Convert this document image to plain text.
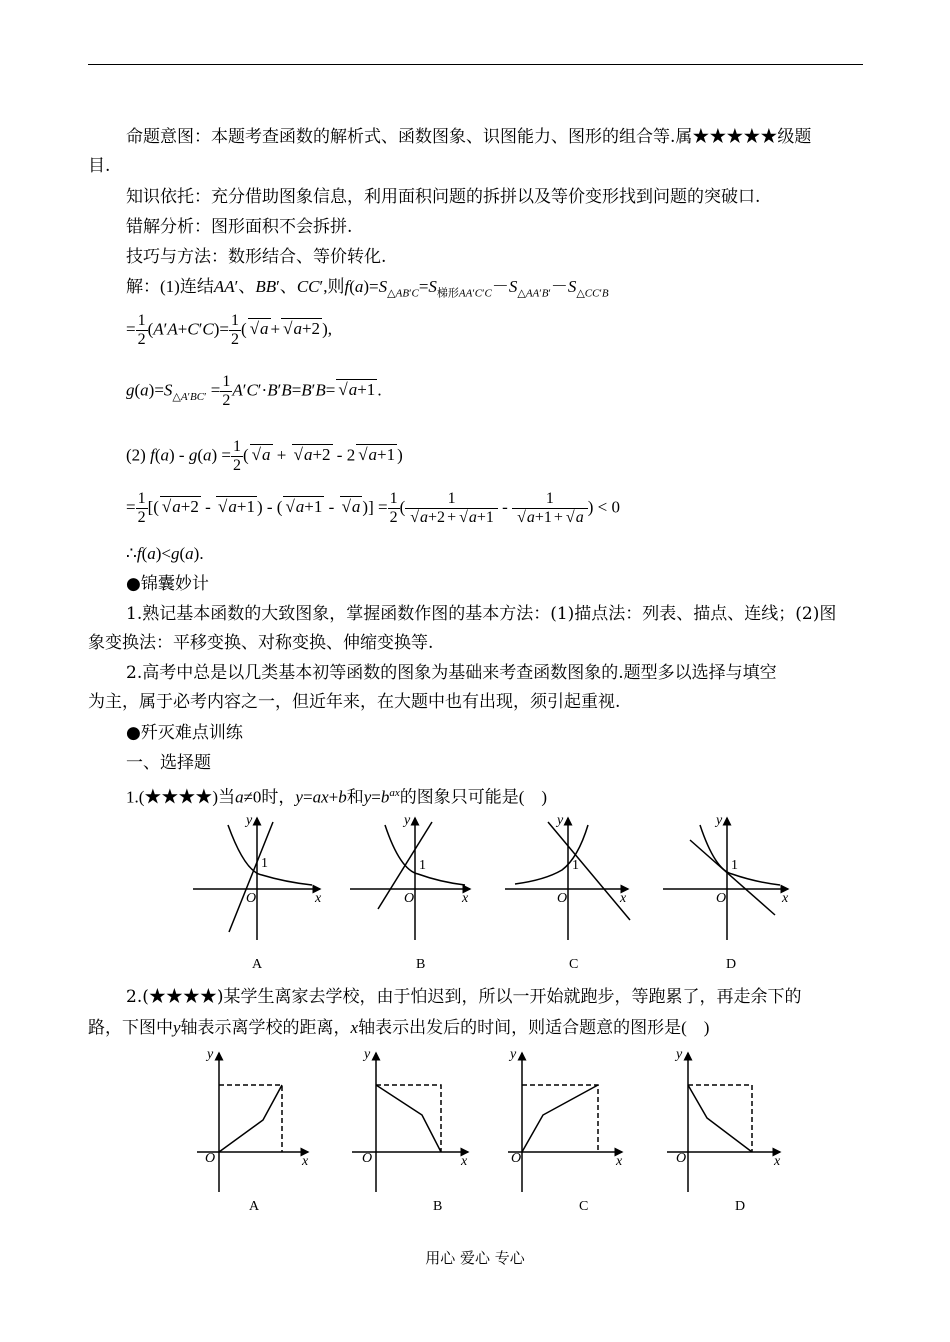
命题意图：本题考查函数的解析式、函数图象、识图能力、图形的组合等.属★★★★★级题
目.
知识依托：充分借助图象信息，利用面积问题的拆拼以及等价变形找到问题的突破口.
错解分析：图形面积不会拆拼.
技巧与方法：数形结合、等价转化.
解：(1)连结AA′、BB′、CC′,则$f(a)=S_{\triangle AB'C}=S_{梯形AA'C'C}-S_{\triangle AA'B'}-S_{\triangle CC'B}$
= $\frac{1}{2} (A'A+C'C)= \frac{1}{2}$ (√ a +√ a+2 ),
$g(a)=S_{\triangle A'BC'} = \frac{1}{2} A'C'\cdot B'B=B'B=√$ a+1 .
(2) $f(a) - g(a) = \frac{1}{2}$ (√ a + √ a+2 - 2√ a+1 )
= $\frac{1}{2}$ [(√ a+2 - √ a+1 ) - (√ a+1 - √ a )] = $\frac{1}{2}$ ( 1
√ a+2 +√ a+1 - 1
√ a+1 +√ a ) < 0
∴f(a)<g(a).
●锦囊妙计
1.熟记基本函数的大致图象，掌握函数作图的基本方法：(1)描点法：列表、描点、连线；(2)图
象变换法：平移变换、对称变换、伸缩变换等.
2.高考中总是以几类基本初等函数的图象为基础来考查函数图象的.题型多以选择与填空
为主，属于必考内容之一，但近年来，在大题中也有出现，须引起重视.
●歼灭难点训练
一、选择题
1.(★★★★)当a≠0时，y=ax+b和$y=b^{ax}$的图象只可能是(    )
y
x
O
y
x
O
y
x
O
y
x
O
1	1	1	1
A	B	C	D
y
x
O
y
x
O
y
x
O
y
x
O
A	B	C	D
2.(★★★★)某学生离家去学校，由于怕迟到，所以一开始就跑步，等跑累了，再走余下的
路，下图中y轴表示离学校的距离，x轴表示出发后的时间，则适合题意的图形是(    )
用心 爱心 专心
